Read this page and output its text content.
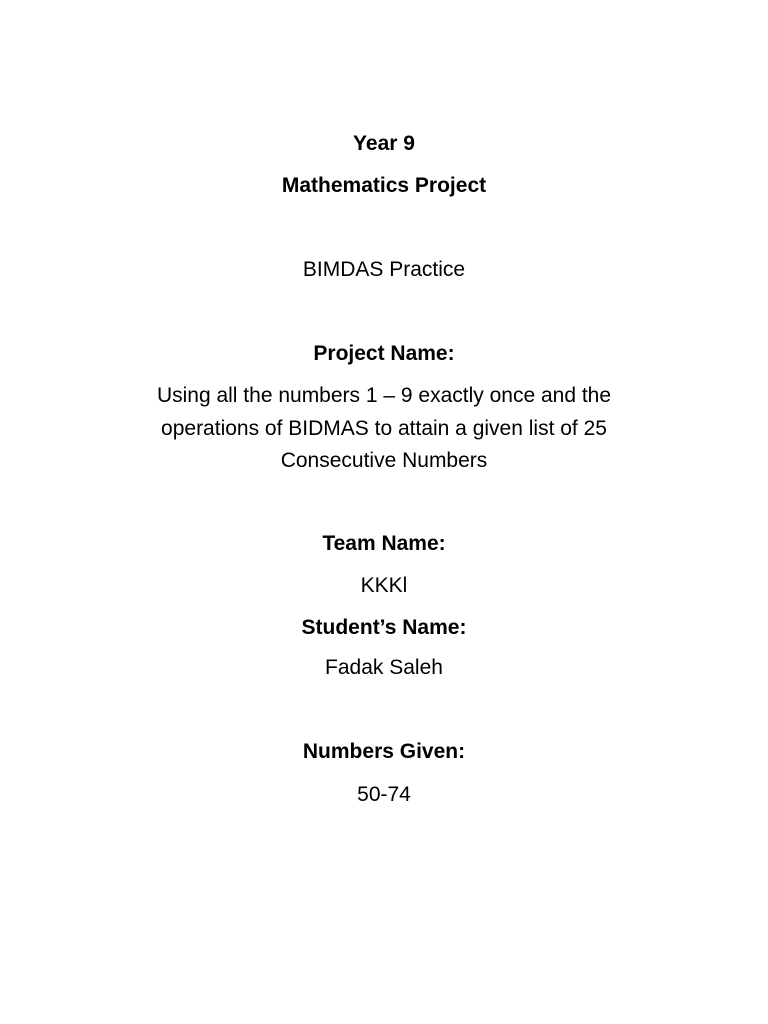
Year 9
Mathematics Project
BIMDAS Practice
Project Name:
Using all the numbers 1 – 9 exactly once and the
operations of BIDMAS to attain a given list of 25
Consecutive Numbers
Team Name:
KKKl
Student’s Name:
Fadak Saleh
Numbers Given:
50-74
